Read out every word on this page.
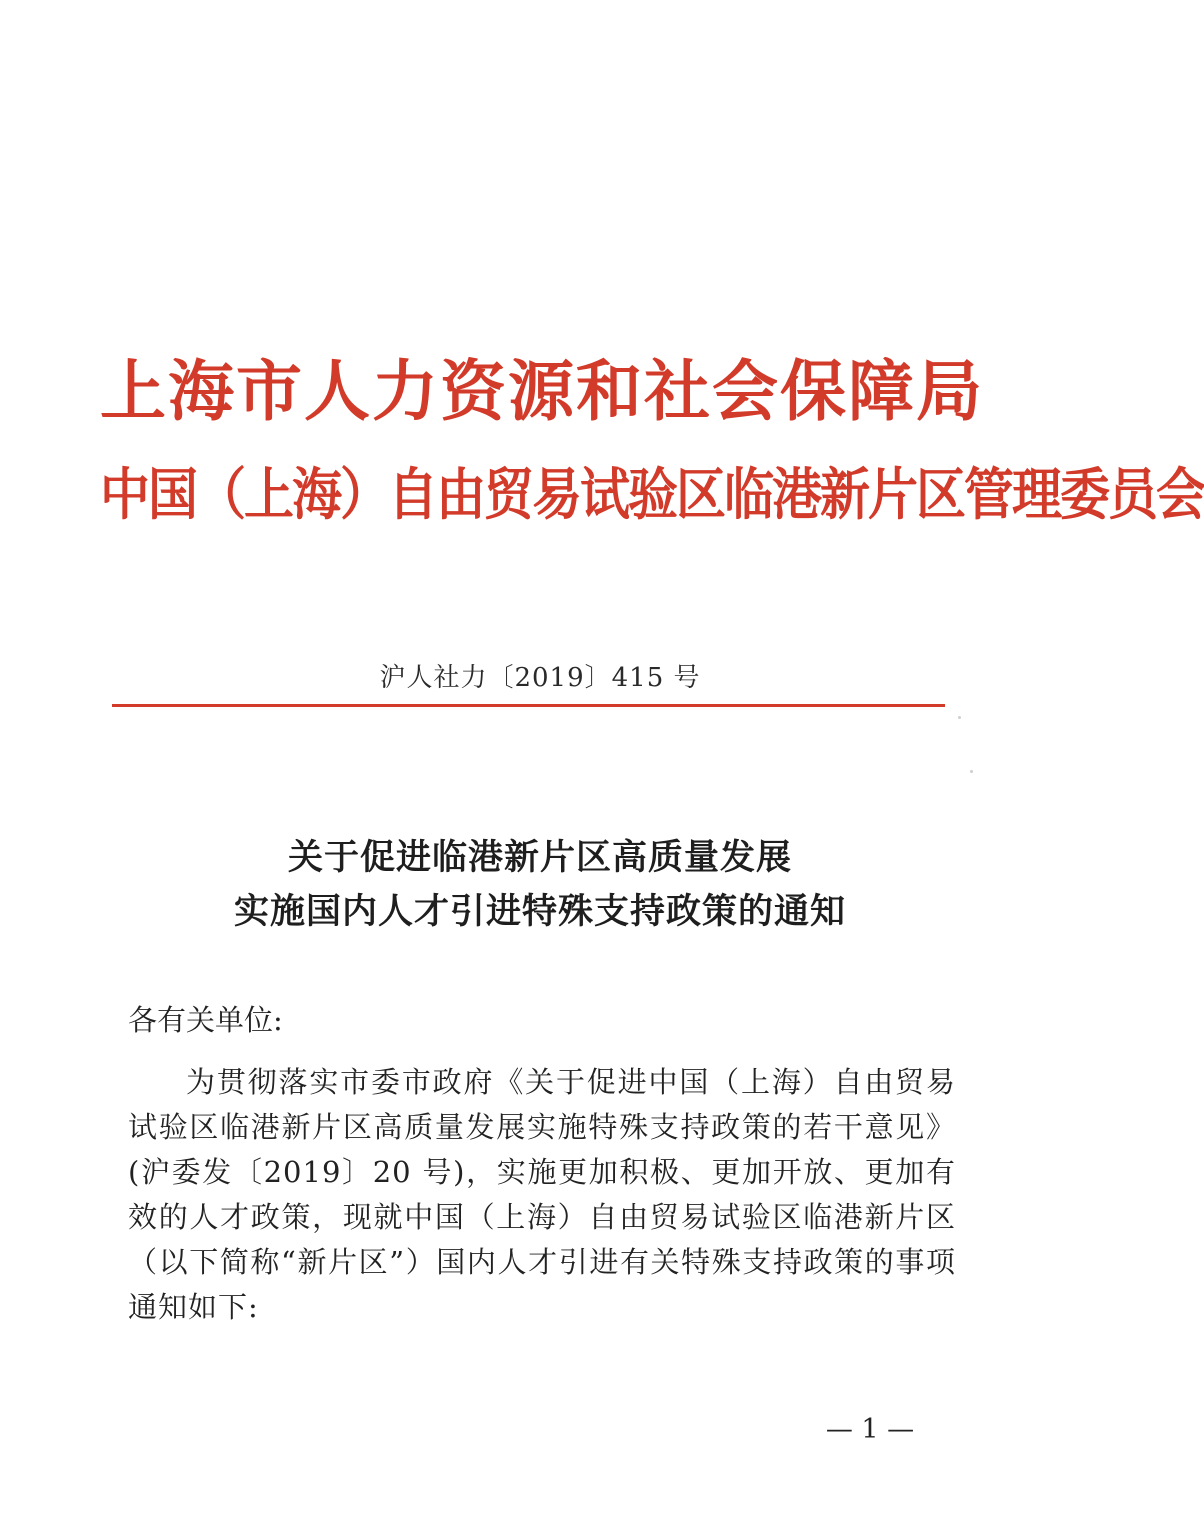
上海市人力资源和社会保障局
中国（上海）自由贸易试验区临港新片区管理委员会
沪人社力〔2019〕415 号
关于促进临港新片区高质量发展
实施国内人才引进特殊支持政策的通知
各有关单位:
为贯彻落实市委市政府《关于促进中国（上海）自由贸易试验区临港新片区高质量发展实施特殊支持政策的若干意见》(沪委发〔2019〕20 号)，实施更加积极、更加开放、更加有效的人才政策，现就中国（上海）自由贸易试验区临港新片区（以下简称“新片区”）国内人才引进有关特殊支持政策的事项通知如下:
— 1 —
